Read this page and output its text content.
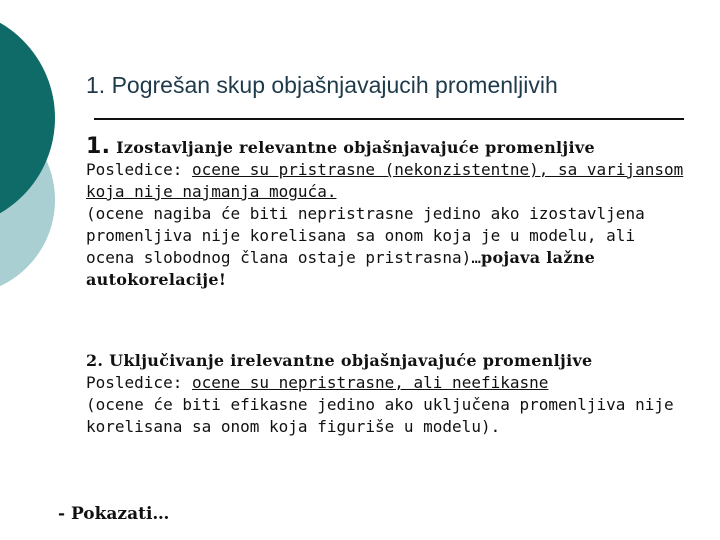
1. Pogrešan skup objašnjavajucih promenljivih

1. Izostavljanje relevantne objašnjavajuće promenljive

Posledice: ocene su pristrasne (nekonzistentne), sa varijansom koja nije najmanja moguća.

(ocene nagiba će biti nepristrasne jedino ako izostavljena promenljiva nije korelisana sa onom koja je u modelu, ali ocena slobodnog člana ostaje pristrasna)…pojava lažne autokorelacije!

2. Uključivanje irelevantne objašnjavajuće promenljive

Posledice: ocene su nepristrasne, ali neefikasne

(ocene će biti efikasne jedino ako uključena promenljiva nije korelisana sa onom koja figuriše u modelu).

- Pokazati…
